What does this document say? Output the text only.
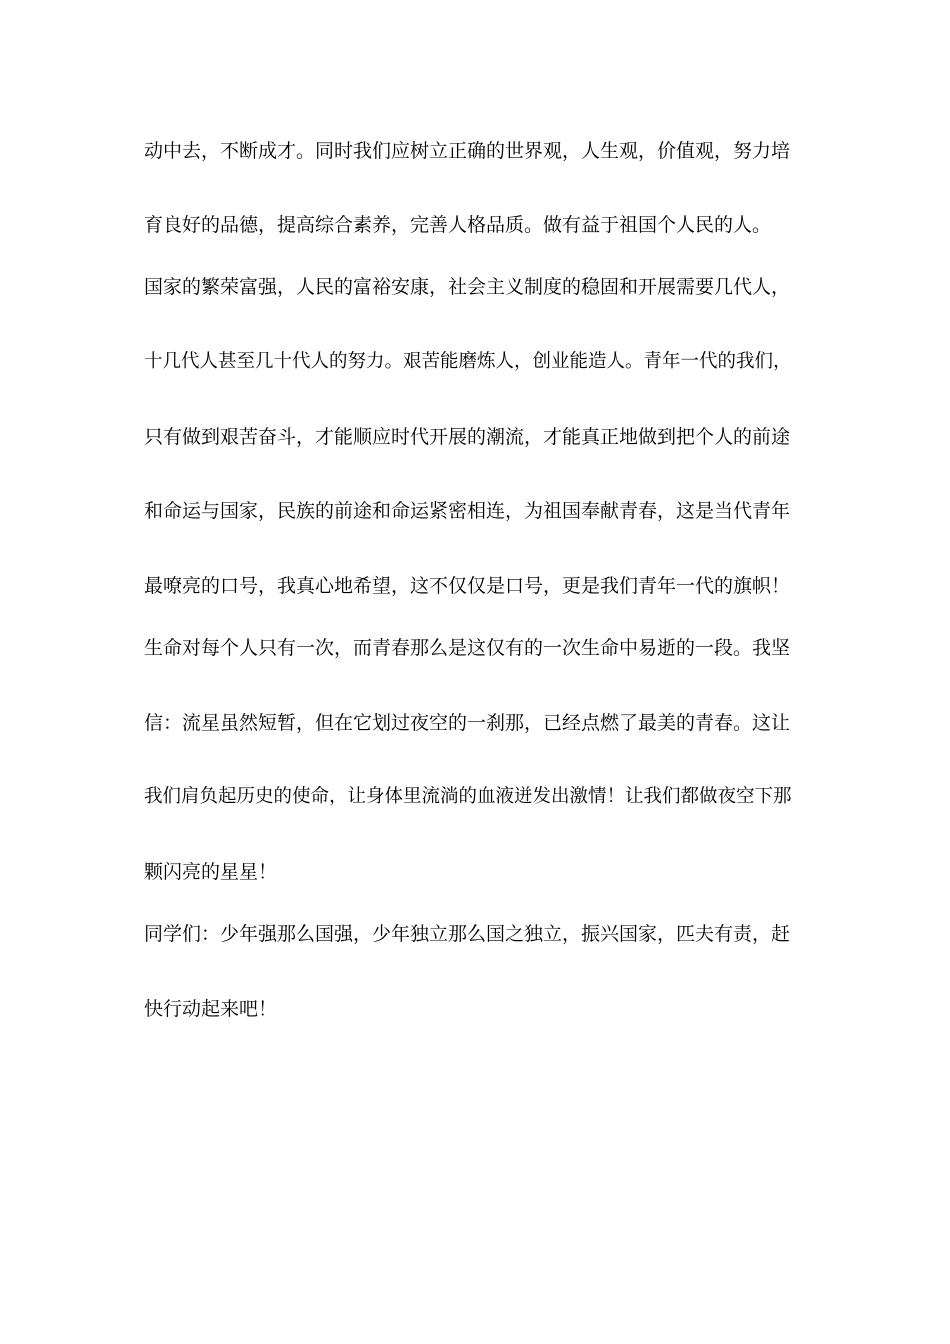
动中去，不断成才。同时我们应树立正确的世界观，人生观，价值观，努力培
育良好的品德，提高综合素养，完善人格品质。做有益于祖国个人民的人。
国家的繁荣富强，人民的富裕安康，社会主义制度的稳固和开展需要几代人，
十几代人甚至几十代人的努力。艰苦能磨炼人，创业能造人。青年一代的我们，
只有做到艰苦奋斗，才能顺应时代开展的潮流，才能真正地做到把个人的前途
和命运与国家，民族的前途和命运紧密相连，为祖国奉献青春，这是当代青年
最嘹亮的口号，我真心地希望，这不仅仅是口号，更是我们青年一代的旗帜！
生命对每个人只有一次，而青春那么是这仅有的一次生命中易逝的一段。我坚
信：流星虽然短暂，但在它划过夜空的一刹那，已经点燃了最美的青春。这让
我们肩负起历史的使命，让身体里流淌的血液迸发出激情！让我们都做夜空下那
颗闪亮的星星！
同学们：少年强那么国强，少年独立那么国之独立，振兴国家，匹夫有责，赶
快行动起来吧！
